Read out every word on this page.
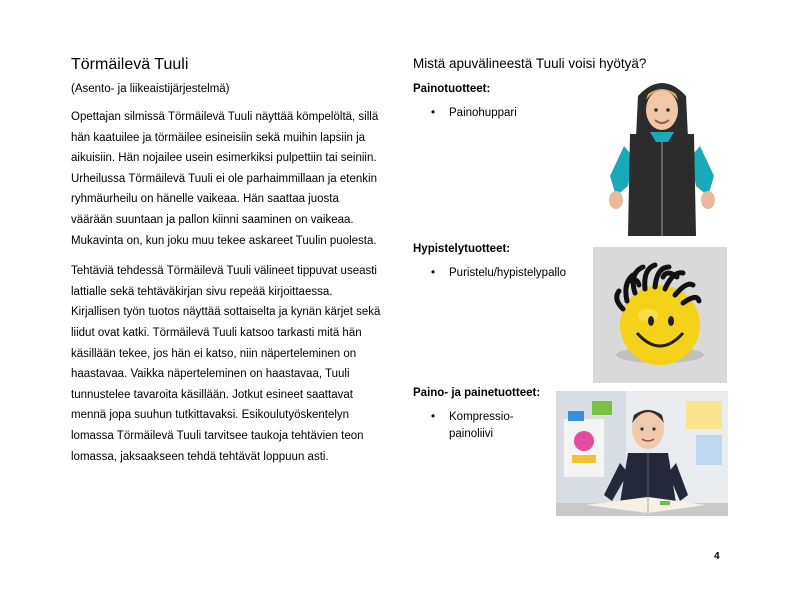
Törmäilevä Tuuli

(Asento- ja liikeaistijärjestelmä)

Opettajan silmissä Törmäilevä Tuuli näyttää kömpelöltä, sillä hän kaatuilee ja törmäilee esineisiin sekä muihin lapsiin ja aikuisiin. Hän nojailee usein esimerkiksi pulpettiin tai seiniin. Urheilussa Törmäilevä Tuuli ei ole parhaimmillaan ja etenkin ryhmäurheilu on hänelle vaikeaa. Hän saattaa juosta väärään suuntaan ja pallon kiinni saaminen on vaikeaa. Mukavinta on, kun joku muu tekee askareet Tuulin puolesta.

Tehtäviä tehdessä Törmäilevä Tuuli välineet tippuvat useasti lattialle sekä tehtäväkirjan sivu repeää kirjoittaessa. Kirjallisen työn tuotos näyttää sottaiselta ja kynän kärjet sekä liidut ovat katki. Törmäilevä Tuuli katsoo tarkasti mitä hän käsillään tekee, jos hän ei katso, niin näperteleminen on haastavaa. Vaikka näperteleminen on haastavaa, Tuuli tunnustelee tavaroita käsillään. Jotkut esineet saattavat mennä jopa suuhun tutkittavaksi. Esikoulutyöskentelyn lomassa Törmäilevä Tuuli tarvitsee taukoja tehtävien teon lomassa, jaksaakseen tehdä tehtävät loppuun asti.

Mistä apuvälineestä Tuuli voisi hyötyä?

Painotuotteet:

• Painohuppari

Hypistelytuotteet:

• Puristelu/hypistelypallo

Paino- ja painetuotteet:

• Kompressio- painoliivi
4
